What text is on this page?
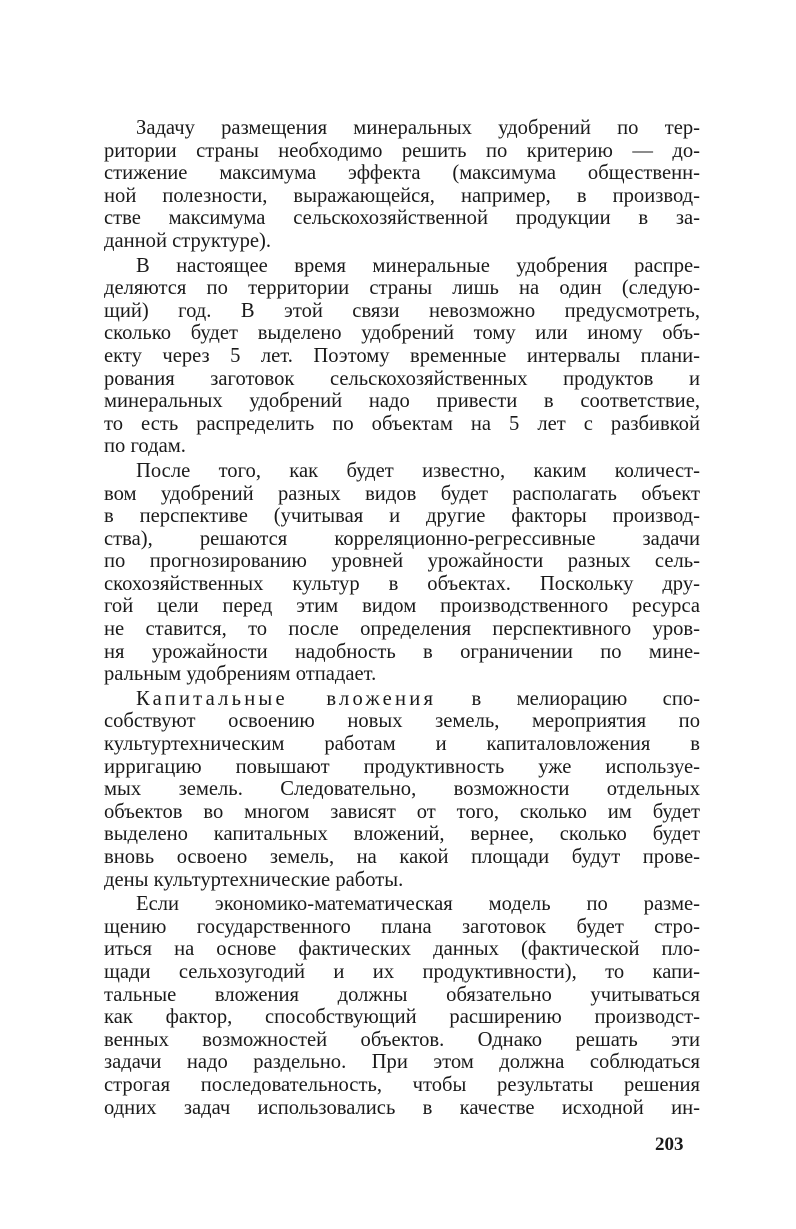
Задачу размещения минеральных удобрений по тер-
ритории страны необходимо решить по критерию — до-
стижение максимума эффекта (максимума общественн-
ной полезности, выражающейся, например, в производ-
стве максимума сельскохозяйственной продукции в за-
данной структуре).
В настоящее время минеральные удобрения распре-
деляются по территории страны лишь на один (следую-
щий) год. В этой связи невозможно предусмотреть,
сколько будет выделено удобрений тому или иному объ-
екту через 5 лет. Поэтому временные интервалы плани-
рования заготовок сельскохозяйственных продуктов и
минеральных удобрений надо привести в соответствие,
то есть распределить по объектам на 5 лет с разбивкой
по годам.
После того, как будет известно, каким количест-
вом удобрений разных видов будет располагать объект
в перспективе (учитывая и другие факторы производ-
ства), решаются корреляционно-регрессивные задачи
по прогнозированию уровней урожайности разных сель-
скохозяйственных культур в объектах. Поскольку дру-
гой цели перед этим видом производственного ресурса
не ставится, то после определения перспективного уров-
ня урожайности надобность в ограничении по мине-
ральным удобрениям отпадает.
Капитальные вложения в мелиорацию спо-
собствуют освоению новых земель, мероприятия по
культуртехническим работам и капиталовложения в
ирригацию повышают продуктивность уже используе-
мых земель. Следовательно, возможности отдельных
объектов во многом зависят от того, сколько им будет
выделено капитальных вложений, вернее, сколько будет
вновь освоено земель, на какой площади будут прове-
дены культуртехнические работы.
Если экономико-математическая модель по разме-
щению государственного плана заготовок будет стро-
иться на основе фактических данных (фактической пло-
щади сельхозугодий и их продуктивности), то капи-
тальные вложения должны обязательно учитываться
как фактор, способствующий расширению производст-
венных возможностей объектов. Однако решать эти
задачи надо раздельно. При этом должна соблюдаться
строгая последовательность, чтобы результаты решения
одних задач использовались в качестве исходной ин-
203
